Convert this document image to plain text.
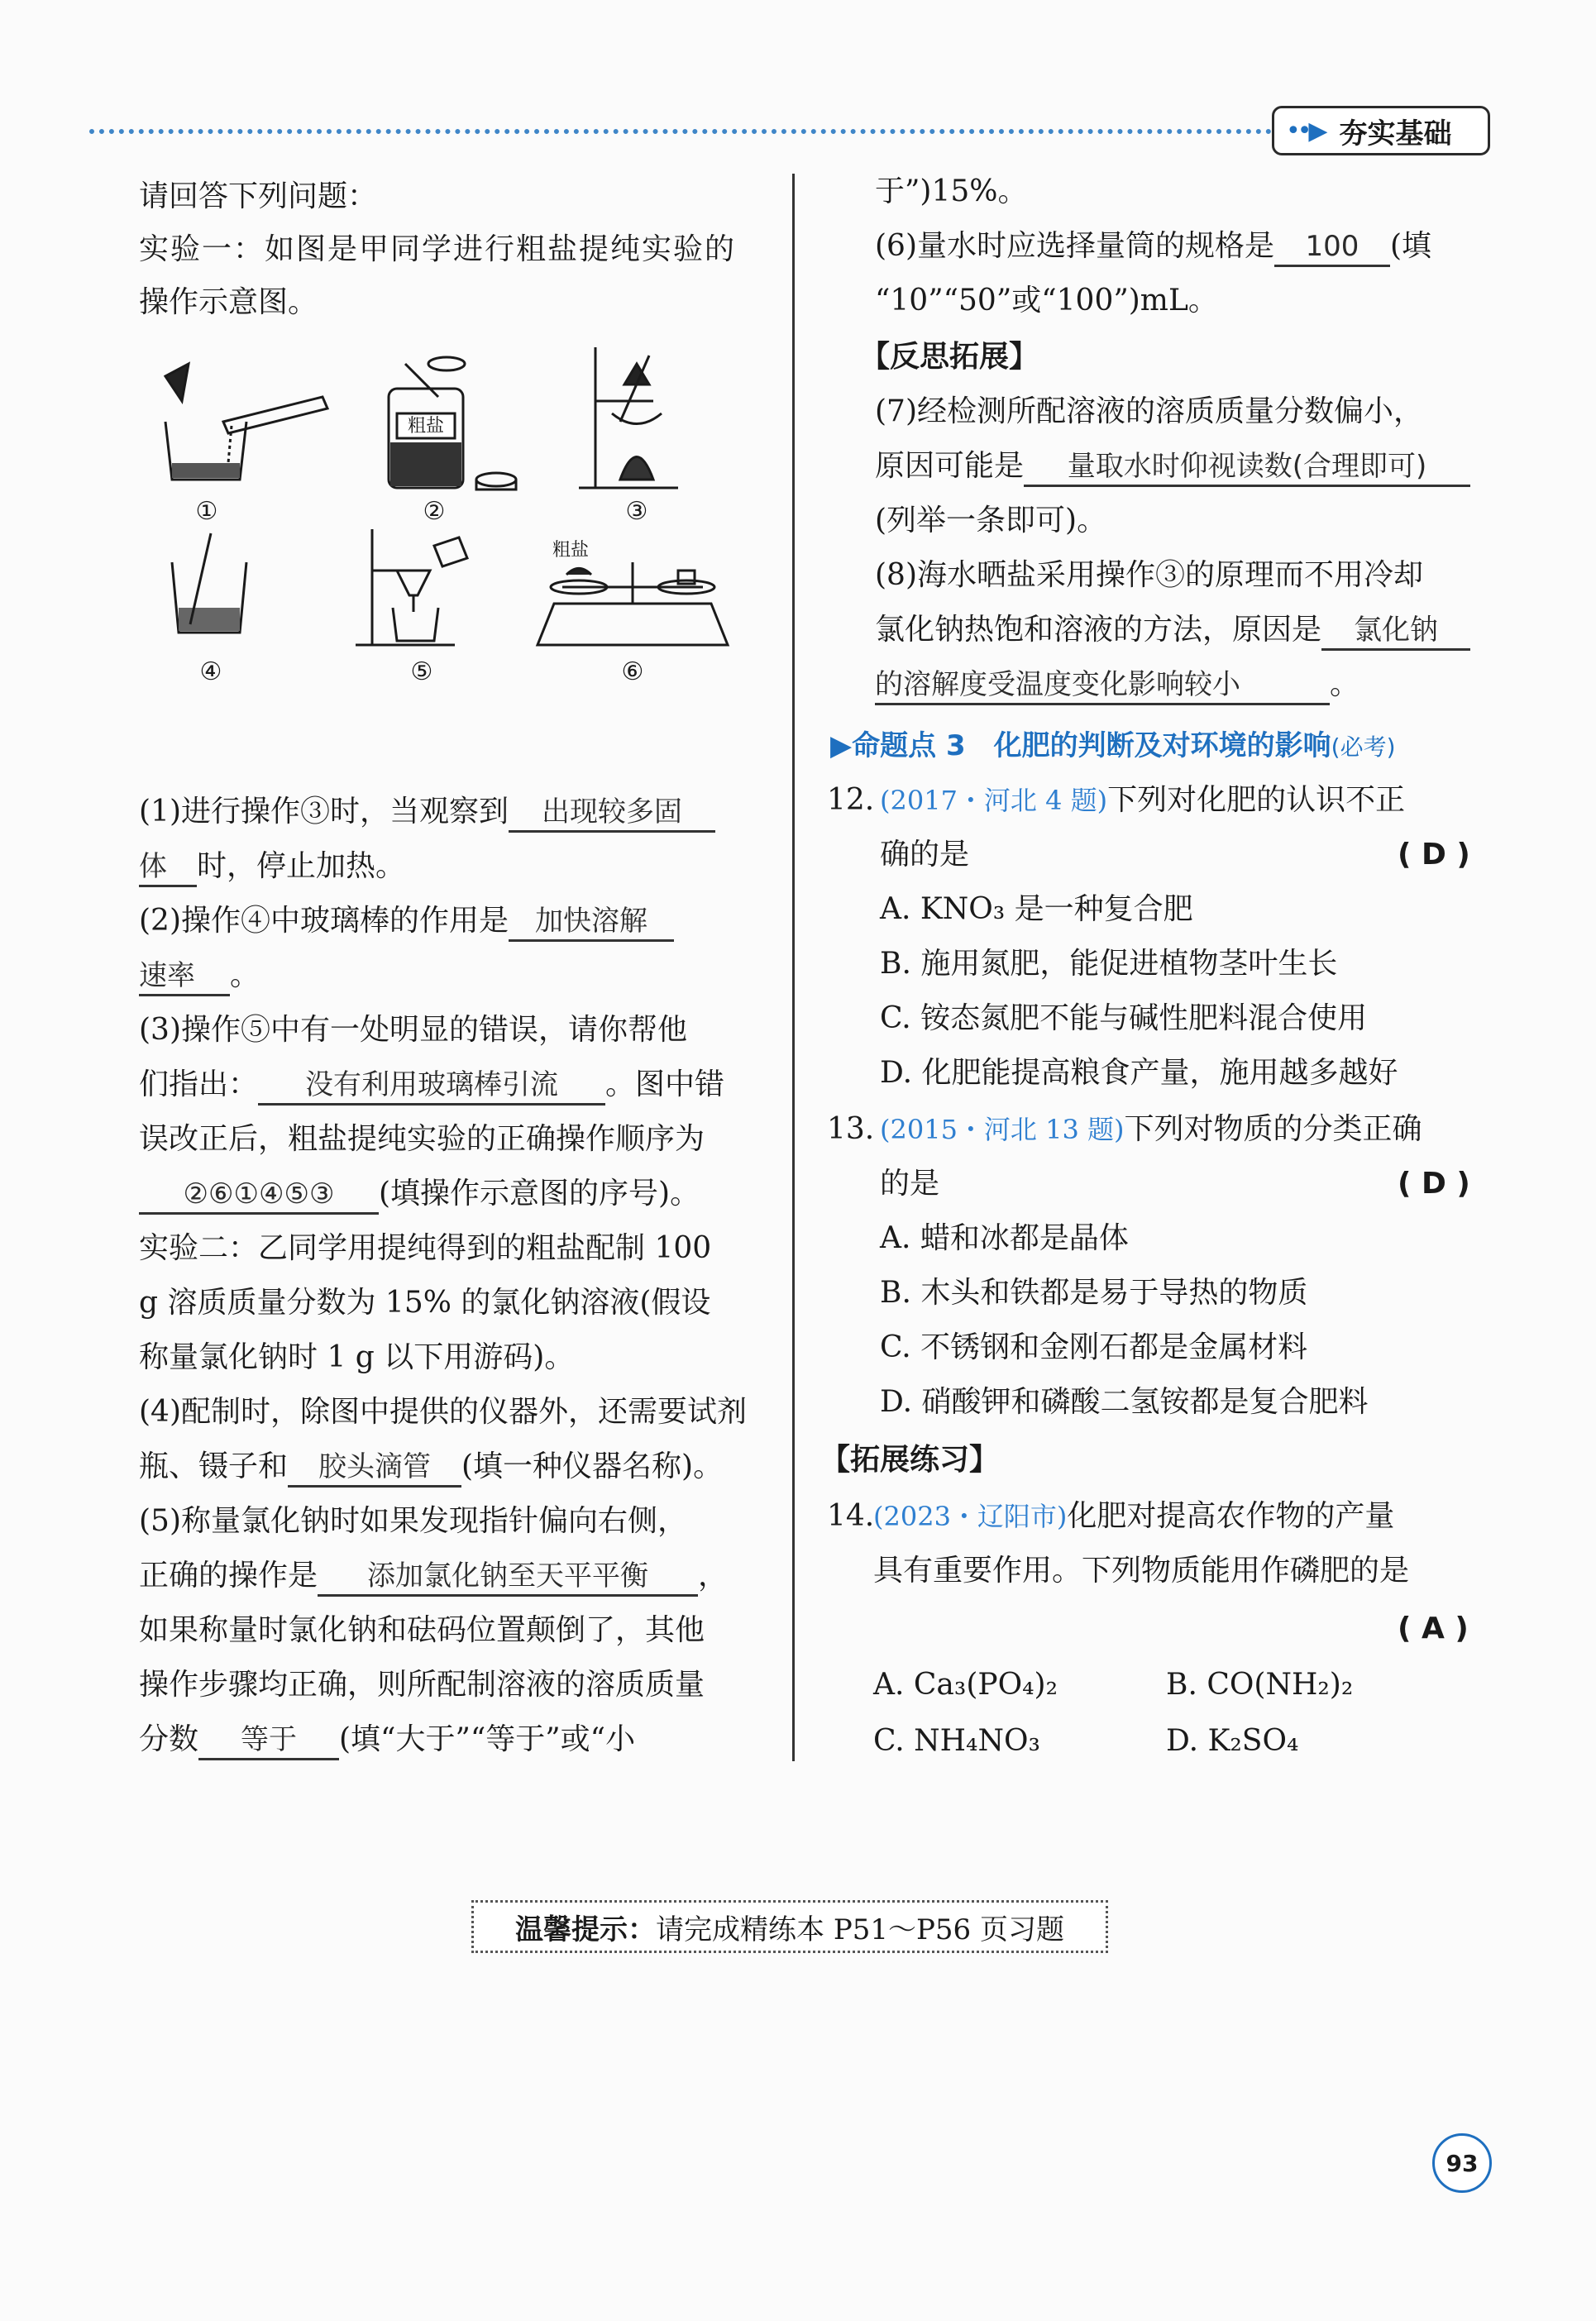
••▶ 夯实基础
请回答下列问题：
实验一：如图是甲同学进行粗盐提纯实验的
操作示意图。
①	②	③
④	⑤	⑥
粗盐
粗盐
(1)进行操作③时，当观察到 出现较多固
体 时，停止加热。
(2)操作④中玻璃棒的作用是 加快溶解
速率 。
(3)操作⑤中有一处明显的错误，请你帮他
们指出： 没有利用玻璃棒引流 。图中错
误改正后，粗盐提纯实验的正确操作顺序为
②⑥①④⑤③ (填操作示意图的序号)。
实验二：乙同学用提纯得到的粗盐配制 100
g 溶质质量分数为 15% 的氯化钠溶液(假设
称量氯化钠时 1 g 以下用游码)。
(4)配制时，除图中提供的仪器外，还需要试剂
瓶、镊子和 胶头滴管 (填一种仪器名称)。
(5)称量氯化钠时如果发现指针偏向右侧，
正确的操作是 添加氯化钠至天平平衡 ，
如果称量时氯化钠和砝码位置颠倒了，其他
操作步骤均正确，则所配制溶液的溶质质量
分数 等于 (填“大于”“等于”或“小
于”)15%。
(6)量水时应选择量筒的规格是 100 (填
“10”“50”或“100”)mL。
【反思拓展】
(7)经检测所配溶液的溶质质量分数偏小，
原因可能是 量取水时仰视读数(合理即可)
(列举一条即可)。
(8)海水晒盐采用操作③的原理而不用冷却
氯化钠热饱和溶液的方法，原因是 氯化钠
的溶解度受温度变化影响较小	。
▶命题点 3　化肥的判断及对环境的影响(必考)
12. (2017・河北 4 题)下列对化肥的认识不正
确的是	( D )
A. KNO₃ 是一种复合肥
B. 施用氮肥，能促进植物茎叶生长
C. 铵态氮肥不能与碱性肥料混合使用
D. 化肥能提高粮食产量，施用越多越好
13. (2015・河北 13 题)下列对物质的分类正确
的是	( D )
A. 蜡和冰都是晶体
B. 木头和铁都是易于导热的物质
C. 不锈钢和金刚石都是金属材料
D. 硝酸钾和磷酸二氢铵都是复合肥料
【拓展练习】
14.
(2023・辽阳市)化肥对提高农作物的产量
具有重要作用。下列物质能用作磷肥的是
( A )
A. Ca₃(PO₄)₂	B. CO(NH₂)₂
C. NH₄NO₃	D. K₂SO₄
温馨提示： 请完成精练本 P51～P56 页习题
93
